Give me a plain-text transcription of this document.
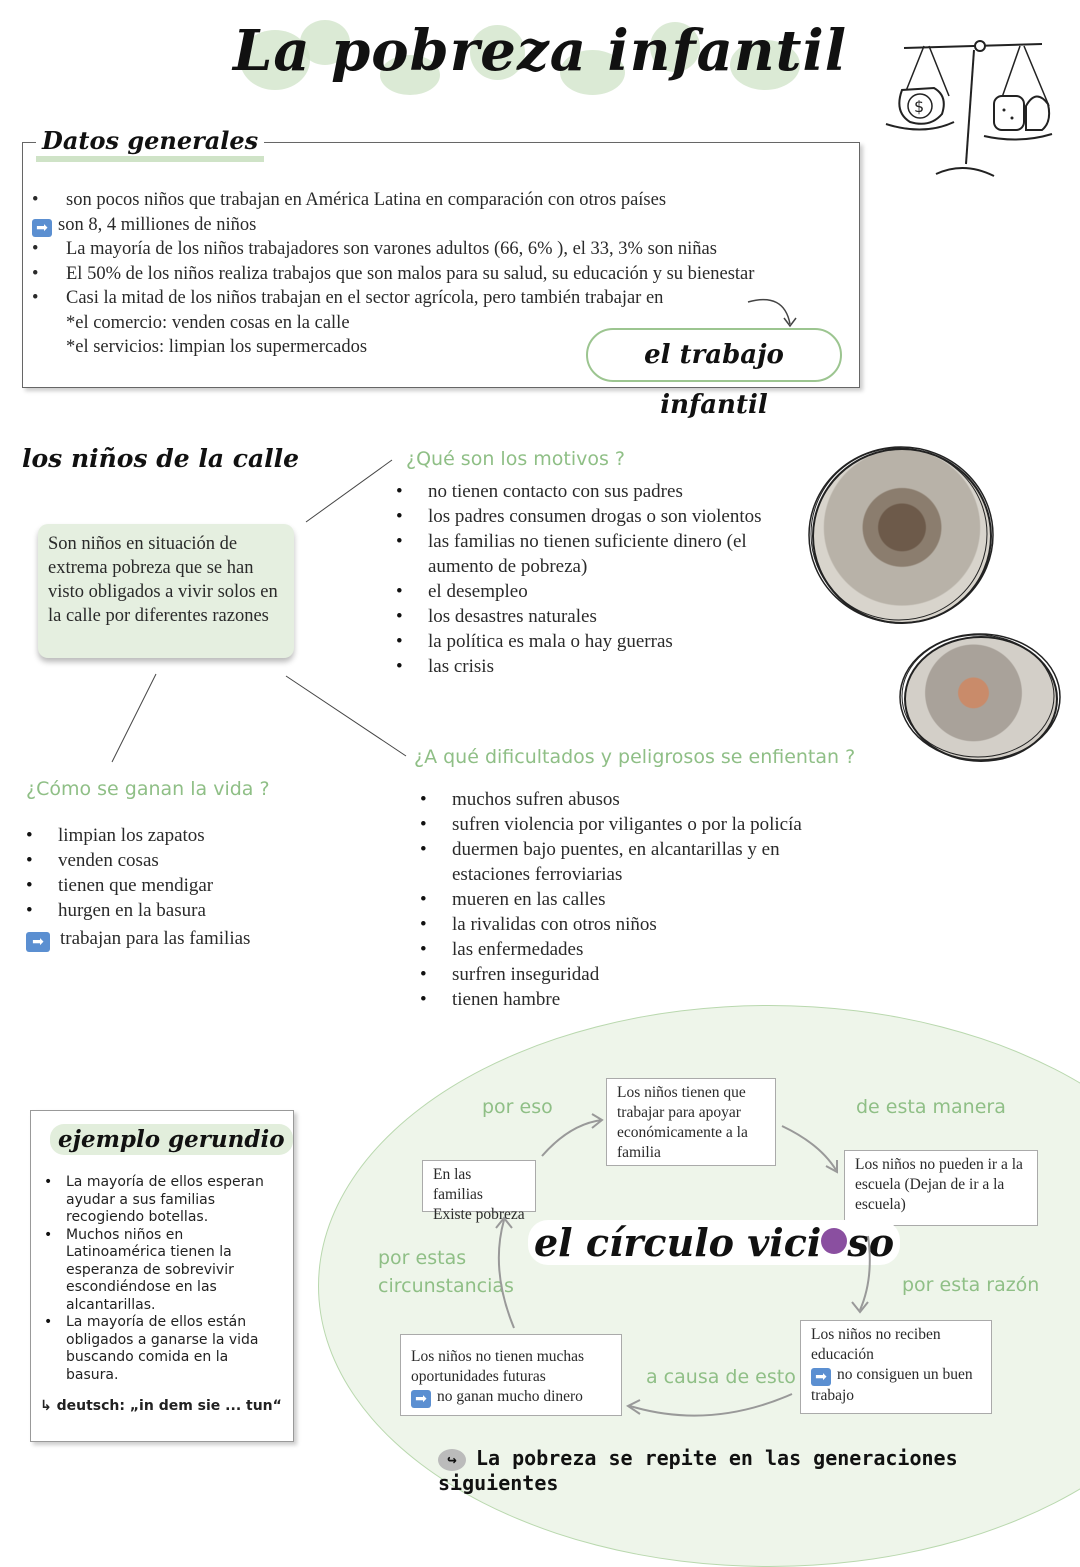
La pobreza infantil
$
Datos generales
• son pocos niños que trabajan en América Latina en comparación con otros países
➡ son 8, 4 milliones de niños
• La mayoría de los niños trabajadores son varones adultos (66, 6% ), el 33, 3% son niñas
• El 50% de los niños realiza trabajos que son malos para su salud, su educación y su bienestar
• Casi la mitad de los niños trabajan en el sector agrícola, pero también trabajar en
*el comercio: venden cosas en la calle
*el servicios: limpian los supermercados	el trabajo infantil
los niños de la calle
Son niños en situación de extrema pobreza que se han visto obligados a vivir solos en la calle por diferentes razones
¿Qué son los motivos ?
• no tienen contacto con sus padres
• los padres consumen drogas o son violentos
• las familias no tienen suficiente dinero (el aumento de pobreza)
• el desempleo
• los desastres naturales
• la política es mala o hay guerras
• las crisis
¿Cómo se ganan la vida ?
• limpian los zapatos
• venden cosas
• tienen que mendigar
• hurgen en la basura
➡ trabajan para las familias
¿A qué dificultados y peligrosos se enfientan ?
• muchos sufren abusos
• sufren violencia por viligantes o por la policía
• duermen bajo puentes, en alcantarillas y en estaciones ferroviarias
• mueren en las calles
• la rivalidas con otros niños
• las enfermedades
• surfren inseguridad
• tienen hambre
ejemplo gerundio
• La mayoría de ellos esperan ayudar a sus familias recogiendo botellas.
• Muchos niños en Latinoamérica tienen la esperanza de sobrevivir escondiéndose en las alcantarillas.
• La mayoría de ellos están obligados a ganarse la vida buscando comida en la basura.
↳ deutsch: „in dem sie ... tun“
En las familias Existe pobreza
Los niños tienen que trabajar para apoyar económicamente a la familia
Los niños no pueden ir a la escuela (Dejan de ir a la escuela)
Los niños no reciben educación
➡ no consiguen un buen trabajo
Los niños no tienen muchas oportunidades futuras
➡ no ganan mucho dinero
el círculo vici so
por eso	de esta manera
por esta razón
a causa de esto
por estas circunstancias
↪ La pobreza se repite en las generaciones siguientes
